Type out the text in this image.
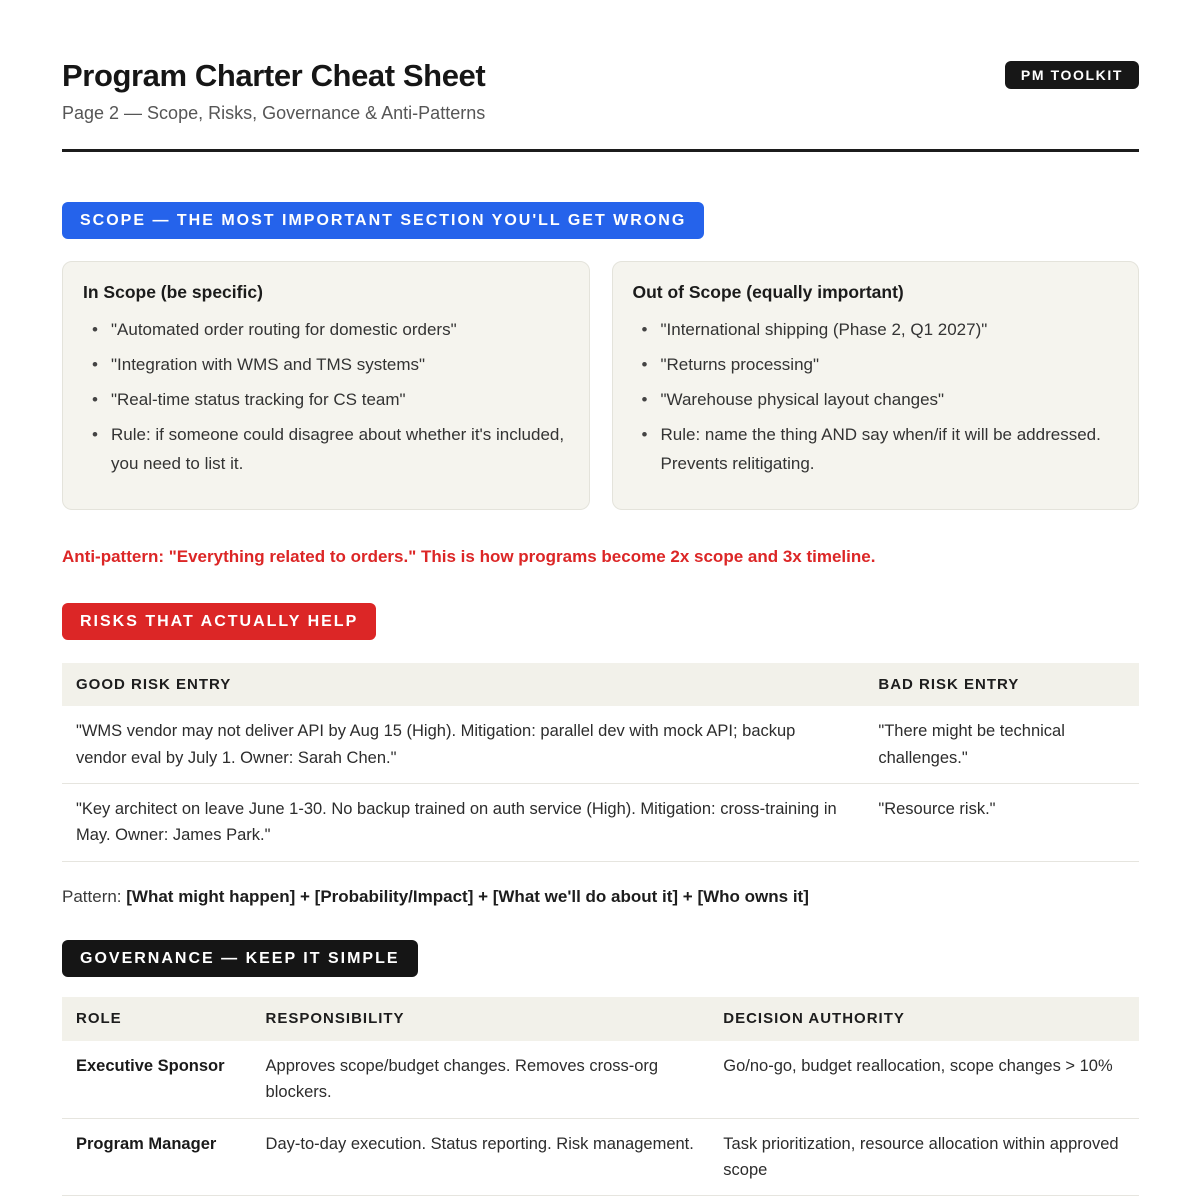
Program Charter Cheat Sheet

Page 2 — Scope, Risks, Governance & Anti-Patterns

PM TOOLKIT
SCOPE — THE MOST IMPORTANT SECTION YOU'LL GET WRONG
In Scope (be specific)
• "Automated order routing for domestic orders"
• "Integration with WMS and TMS systems"
• "Real-time status tracking for CS team"
• Rule: if someone could disagree about whether it's included, you need to list it.
Out of Scope (equally important)
• "International shipping (Phase 2, Q1 2027)"
• "Returns processing"
• "Warehouse physical layout changes"
• Rule: name the thing AND say when/if it will be addressed. Prevents relitigating.

Anti-pattern: "Everything related to orders." This is how programs become 2x scope and 3x timeline.

RISKS THAT ACTUALLY HELP
GOOD RISK ENTRY	BAD RISK ENTRY
"WMS vendor may not deliver API by Aug 15 (High). Mitigation: parallel dev with mock API; backup vendor eval by July 1. Owner: Sarah Chen."	"There might be technical challenges."
"Key architect on leave June 1-30. No backup trained on auth service (High). Mitigation: cross-training in May. Owner: James Park."	"Resource risk."

Pattern: [What might happen] + [Probability/Impact] + [What we'll do about it] + [Who owns it]

GOVERNANCE — KEEP IT SIMPLE
ROLE	RESPONSIBILITY	DECISION AUTHORITY
Executive Sponsor	Approves scope/budget changes. Removes cross-org blockers.	Go/no-go, budget reallocation, scope changes > 10%
Program Manager	Day-to-day execution. Status reporting. Risk management.	Task prioritization, resource allocation within approved scope
